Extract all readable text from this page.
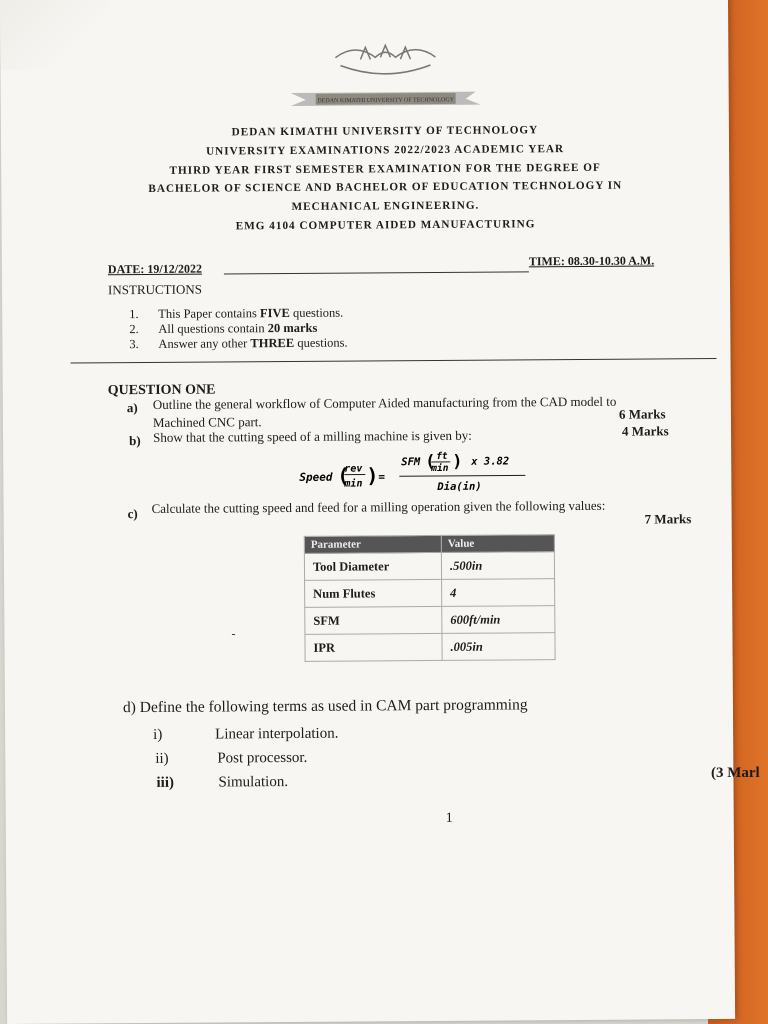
DEDAN KIMATHI UNIVERSITY OF TECHNOLOGY
DEDAN KIMATHI UNIVERSITY OF TECHNOLOGY
UNIVERSITY EXAMINATIONS 2022/2023 ACADEMIC YEAR
THIRD YEAR FIRST SEMESTER EXAMINATION FOR THE DEGREE OF
BACHELOR OF SCIENCE AND BACHELOR OF EDUCATION TECHNOLOGY IN
MECHANICAL ENGINEERING.
EMG 4104 COMPUTER AIDED MANUFACTURING
DATE: 19/12/2022
TIME: 08.30-10.30 A.M.
INSTRUCTIONS
1. This Paper contains FIVE questions.
2. All questions contain 20 marks
3. Answer any other THREE questions.
QUESTION ONE
a) Outline the general workflow of Computer Aided manufacturing from the CAD model to
Machined CNC part.
6 Marks
b) Show that the cutting speed of a milling machine is given by:	4 Marks
Speed (
rev
min ) =
SFM ( ft
min ) x 3.82
Dia(in)
c) Calculate the cutting speed and feed for a milling operation given the following values:
7 Marks
Parameter	Value
Tool Diameter	.500in
Num Flutes	4
SFM	600ft/min
IPR	.005in
-
d) Define the following terms as used in CAM part programming
i)	Linear interpolation.
ii)	Post processor.
iii)	Simulation.
1
(3 Marl
